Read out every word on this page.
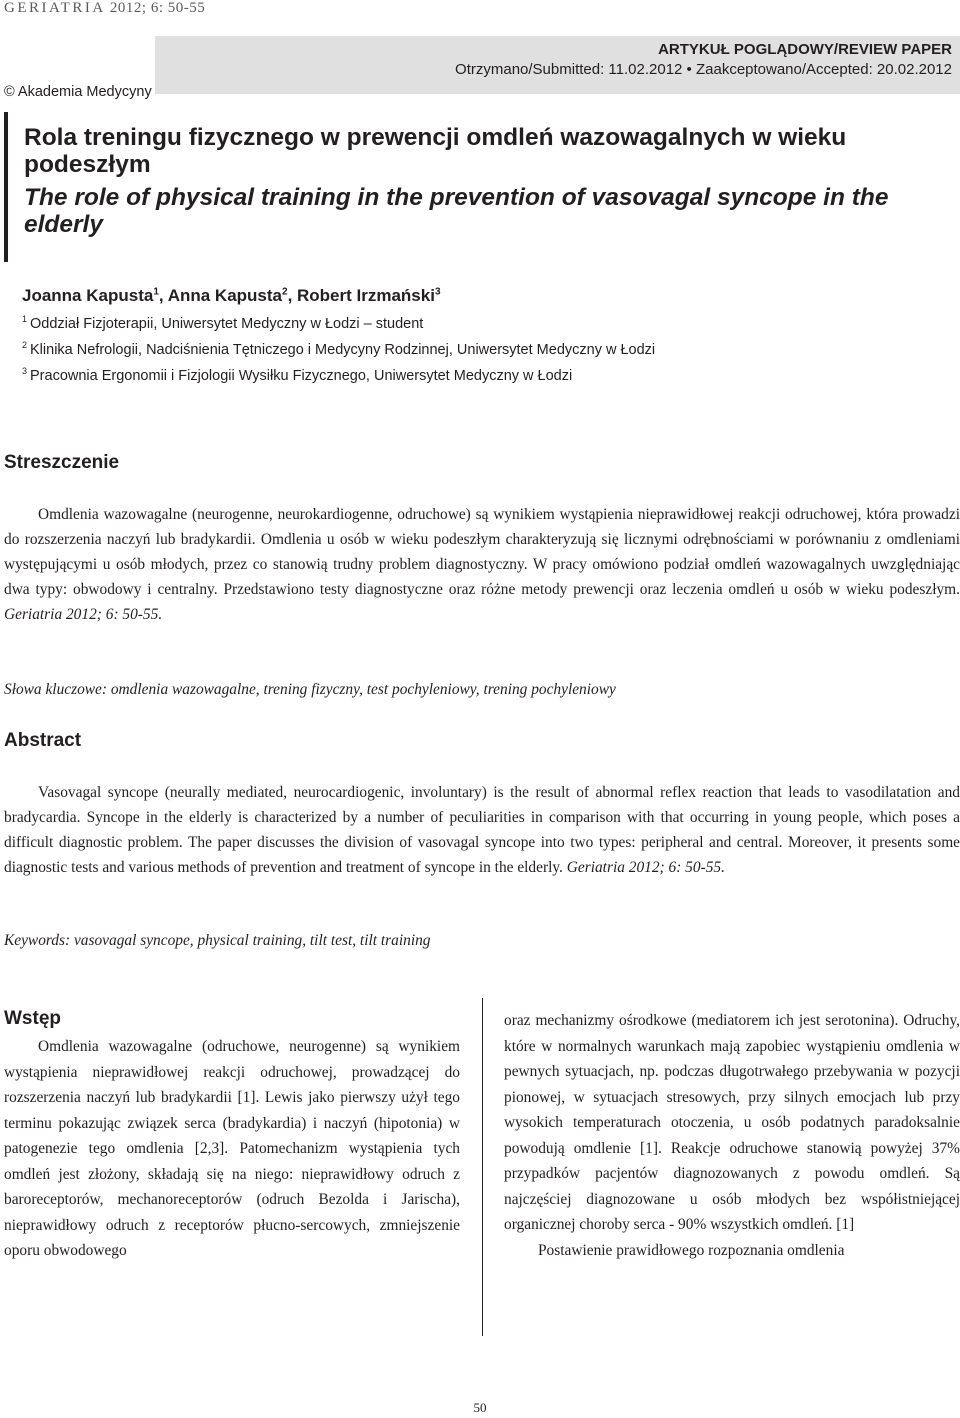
GERIATRIA 2012; 6: 50-55
ARTYKUŁ POGLĄDOWY/REVIEW PAPER
Otrzymano/Submitted: 11.02.2012 • Zaakceptowano/Accepted: 20.02.2012
© Akademia Medycyny
Rola treningu fizycznego w prewencji omdleń wazowagalnych w wieku podeszłym
The role of physical training in the prevention of vasovagal syncope in the elderly
Joanna Kapusta$^1$, Anna Kapusta$^2$, Robert Irzmański$^3$
$^1$ Oddział Fizjoterapii, Uniwersytet Medyczny w Łodzi – student
$^2$ Klinika Nefrologii, Nadciśnienia Tętniczego i Medycyny Rodzinnej, Uniwersytet Medyczny w Łodzi
$^3$ Pracownia Ergonomii i Fizjologii Wysiłku Fizycznego, Uniwersytet Medyczny w Łodzi
Streszczenie

Omdlenia wazowagalne (neurogenne, neurokardiogenne, odruchowe) są wynikiem wystąpienia nieprawidłowej reakcji odruchowej, która prowadzi do rozszerzenia naczyń lub bradykardii. Omdlenia u osób w wieku podeszłym charakteryzują się licznymi odrębnościami w porównaniu z omdleniami występującymi u osób młodych, przez co stanowią trudny problem diagnostyczny. W pracy omówiono podział omdleń wazowagalnych uwzględniając dwa typy: obwodowy i centralny. Przedstawiono testy diagnostyczne oraz różne metody prewencji oraz leczenia omdleń u osób w wieku podeszłym. Geriatria 2012; 6: 50-55.

Słowa kluczowe: omdlenia wazowagalne, trening fizyczny, test pochyleniowy, trening pochyleniowy
Abstract

Vasovagal syncope (neurally mediated, neurocardiogenic, involuntary) is the result of abnormal reflex reaction that leads to vasodilatation and bradycardia. Syncope in the elderly is characterized by a number of peculiarities in comparison with that occurring in young people, which poses a difficult diagnostic problem. The paper discusses the division of vasovagal syncope into two types: peripheral and central. Moreover, it presents some diagnostic tests and various methods of prevention and treatment of syncope in the elderly. Geriatria 2012; 6: 50-55.

Keywords: vasovagal syncope, physical training, tilt test, tilt training
Wstęp

Omdlenia wazowagalne (odruchowe, neurogenne) są wynikiem wystąpienia nieprawidłowej reakcji odruchowej, prowadzącej do rozszerzenia naczyń lub bradykardii [1]. Lewis jako pierwszy użył tego terminu pokazując związek serca (bradykardia) i naczyń (hipotonia) w patogenezie tego omdlenia [2,3]. Patomechanizm wystąpienia tych omdleń jest złożony, składają się na niego: nieprawidłowy odruch z baroreceptorów, mechanoreceptorów (odruch Bezolda i Jarischa), nieprawidłowy odruch z receptorów płucno-sercowych, zmniejszenie oporu obwodowego

oraz mechanizmy ośrodkowe (mediatorem ich jest serotonina). Odruchy, które w normalnych warunkach mają zapobiec wystąpieniu omdlenia w pewnych sytuacjach, np. podczas długotrwałego przebywania w pozycji pionowej, w sytuacjach stresowych, przy silnych emocjach lub przy wysokich temperaturach otoczenia, u osób podatnych paradoksalnie powodują omdlenie [1]. Reakcje odruchowe stanowią powyżej 37% przypadków pacjentów diagnozowanych z powodu omdleń. Są najczęściej diagnozowane u osób młodych bez współistniejącej organicznej choroby serca - 90% wszystkich omdleń. [1]
Postawienie prawidłowego rozpoznania omdlenia
50
